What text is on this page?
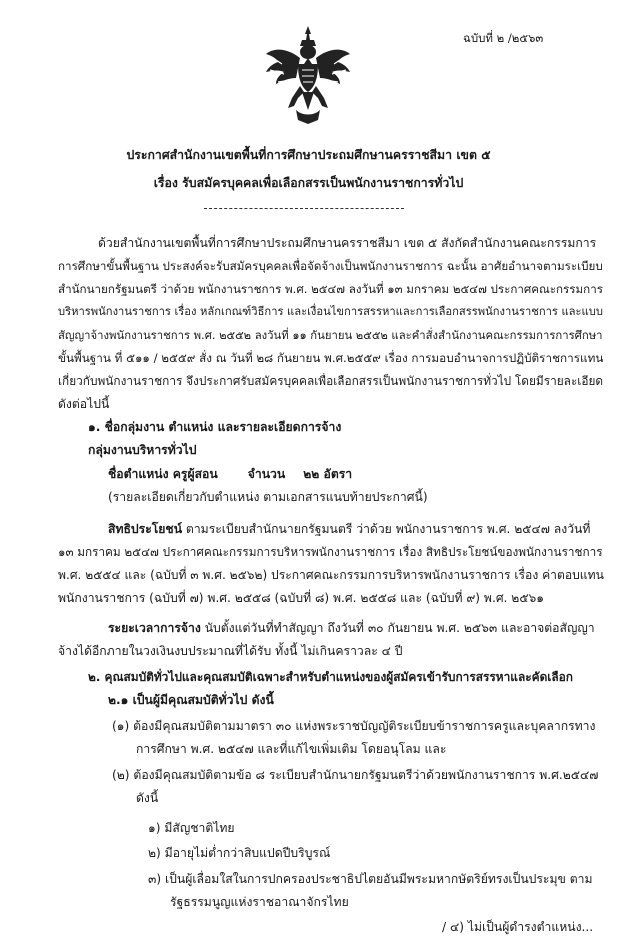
ฉบับที่ ๒ /๒๕๖๓
ประกาศสำนักงานเขตพื้นที่การศึกษาประถมศึกษานครราชสีมา เขต ๕
เรื่อง รับสมัครบุคคลเพื่อเลือกสรรเป็นพนักงานราชการทั่วไป
ด้วยสำนักงานเขตพื้นที่การศึกษาประถมศึกษานครราชสีมา เขต ๕ สังกัดสำนักงานคณะกรรมการ
การศึกษาขั้นพื้นฐาน ประสงค์จะรับสมัครบุคคลเพื่อจัดจ้างเป็นพนักงานราชการ ฉะนั้น อาศัยอำนาจตามระเบียบ
สำนักนายกรัฐมนตรี ว่าด้วย พนักงานราชการ พ.ศ. ๒๕๔๗ ลงวันที่ ๑๓ มกราคม ๒๕๔๗ ประกาศคณะกรรมการ
บริหารพนักงานราชการ เรื่อง หลักเกณฑ์วิธีการ และเงื่อนไขการสรรหาและการเลือกสรรพนักงานราชการ และแบบ
สัญญาจ้างพนักงานราชการ พ.ศ. ๒๕๕๒ ลงวันที่ ๑๑ กันยายน ๒๕๕๒ และคำสั่งสำนักงานคณะกรรมการการศึกษา
ขั้นพื้นฐาน ที่ ๕๑๑ / ๒๕๕๙ สั่ง ณ วันที่ ๒๘ กันยายน พ.ศ.๒๕๕๙ เรื่อง การมอบอำนาจการปฏิบัติราชการแทน
เกี่ยวกับพนักงานราชการ จึงประกาศรับสมัครบุคคลเพื่อเลือกสรรเป็นพนักงานราชการทั่วไป โดยมีรายละเอียด
ดังต่อไปนี้
๑. ชื่อกลุ่มงาน ตำแหน่ง และรายละเอียดการจ้าง
กลุ่มงานบริหารทั่วไป
ชื่อตำแหน่ง ครูผู้สอน จำนวน ๒๒ อัตรา
(รายละเอียดเกี่ยวกับตำแหน่ง ตามเอกสารแนบท้ายประกาศนี้)
สิทธิประโยชน์ ตามระเบียบสำนักนายกรัฐมนตรี ว่าด้วย พนักงานราชการ พ.ศ. ๒๕๔๗ ลงวันที่
๑๓ มกราคม ๒๕๔๗ ประกาศคณะกรรมการบริหารพนักงานราชการ เรื่อง สิทธิประโยชน์ของพนักงานราชการ
พ.ศ. ๒๕๕๔ และ (ฉบับที่ ๓ พ.ศ. ๒๕๖๒) ประกาศคณะกรรมการบริหารพนักงานราชการ เรื่อง ค่าตอบแทน
พนักงานราชการ (ฉบับที่ ๗) พ.ศ. ๒๕๕๘ (ฉบับที่ ๘) พ.ศ. ๒๕๕๘ และ (ฉบับที่ ๙) พ.ศ. ๒๕๖๑
ระยะเวลาการจ้าง นับตั้งแต่วันที่ทำสัญญา ถึงวันที่ ๓๐ กันยายน พ.ศ. ๒๕๖๓ และอาจต่อสัญญา
จ้างได้อีกภายในวงเงินงบประมาณที่ได้รับ ทั้งนี้ ไม่เกินคราวละ ๔ ปี
๒. คุณสมบัติทั่วไปและคุณสมบัติเฉพาะสำหรับตำแหน่งของผู้สมัครเข้ารับการสรรหาและคัดเลือก
๒.๑ เป็นผู้มีคุณสมบัติทั่วไป ดังนี้
(๑) ต้องมีคุณสมบัติตามมาตรา ๓๐ แห่งพระราชบัญญัติระเบียบข้าราชการครูและบุคลากรทาง
การศึกษา พ.ศ. ๒๕๔๗ และที่แก้ไขเพิ่มเติม โดยอนุโลม และ
(๒) ต้องมีคุณสมบัติตามข้อ ๘ ระเบียบสำนักนายกรัฐมนตรีว่าด้วยพนักงานราชการ พ.ศ.๒๕๔๗
ดังนี้
๑) มีสัญชาติไทย
๒) มีอายุไม่ต่ำกว่าสิบแปดปีบริบูรณ์
๓) เป็นผู้เลื่อมใสในการปกครองประชาธิปไตยอันมีพระมหากษัตริย์ทรงเป็นประมุข ตาม
รัฐธรรมนูญแห่งราชอาณาจักรไทย
/ ๔) ไม่เป็นผู้ดำรงตำแหน่ง...
